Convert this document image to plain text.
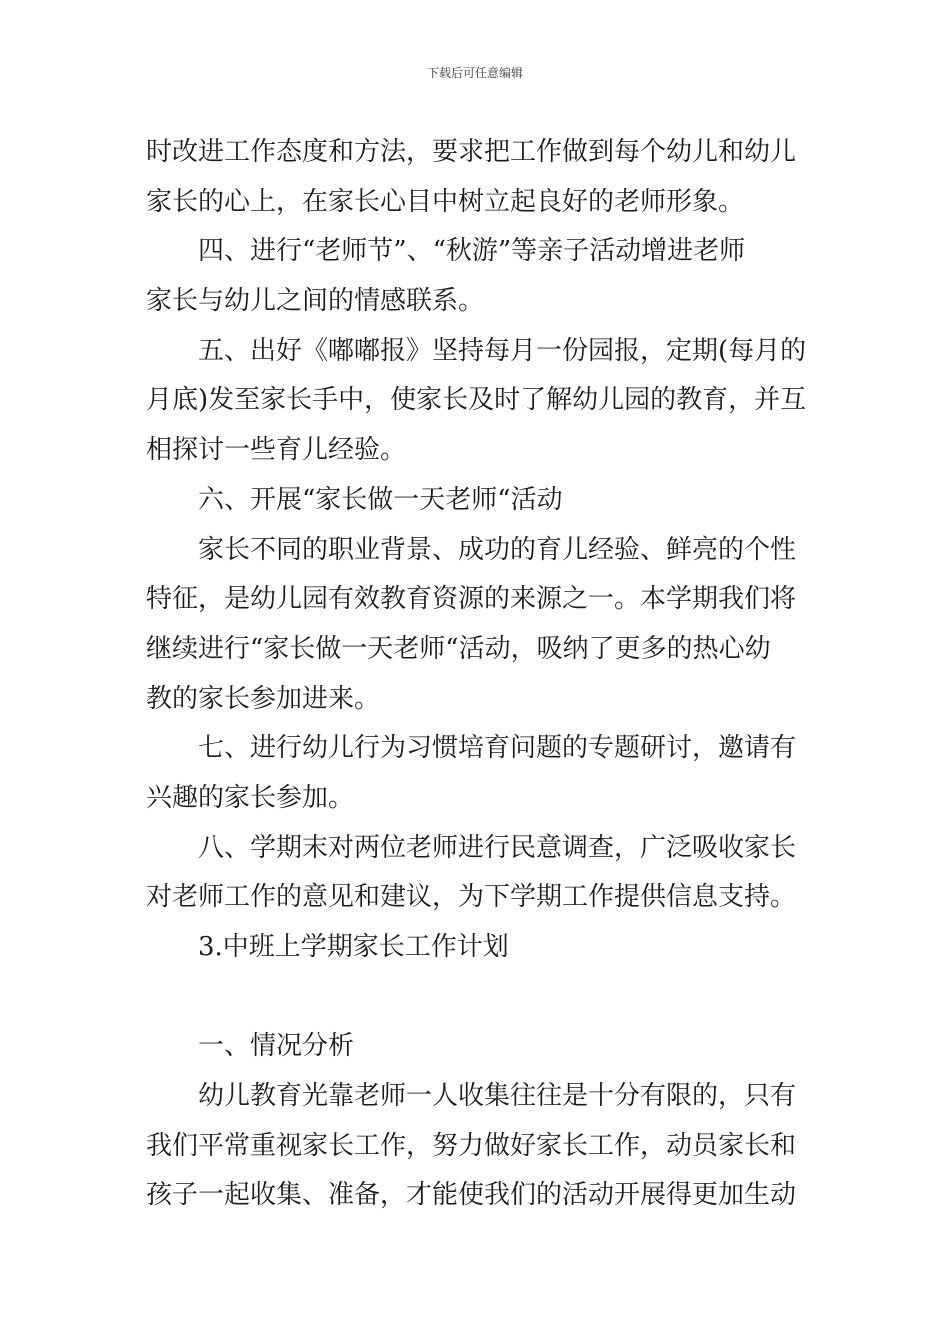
下载后可任意编辑
时改进工作态度和方法，要求把工作做到每个幼儿和幼儿
家长的心上，在家长心目中树立起良好的老师形象。
四、进行“老师节”、“秋游”等亲子活动增进老师
家长与幼儿之间的情感联系。
五、出好《嘟嘟报》坚持每月一份园报，定期(每月的
月底)发至家长手中，使家长及时了解幼儿园的教育，并互
相探讨一些育儿经验。
六、开展“家长做一天老师“活动
家长不同的职业背景、成功的育儿经验、鲜亮的个性
特征，是幼儿园有效教育资源的来源之一。本学期我们将
继续进行“家长做一天老师“活动，吸纳了更多的热心幼
教的家长参加进来。
七、进行幼儿行为习惯培育问题的专题研讨，邀请有
兴趣的家长参加。
八、学期末对两位老师进行民意调查，广泛吸收家长
对老师工作的意见和建议，为下学期工作提供信息支持。
3.中班上学期家长工作计划
一、情况分析
幼儿教育光靠老师一人收集往往是十分有限的，只有
我们平常重视家长工作，努力做好家长工作，动员家长和
孩子一起收集、准备，才能使我们的活动开展得更加生动
